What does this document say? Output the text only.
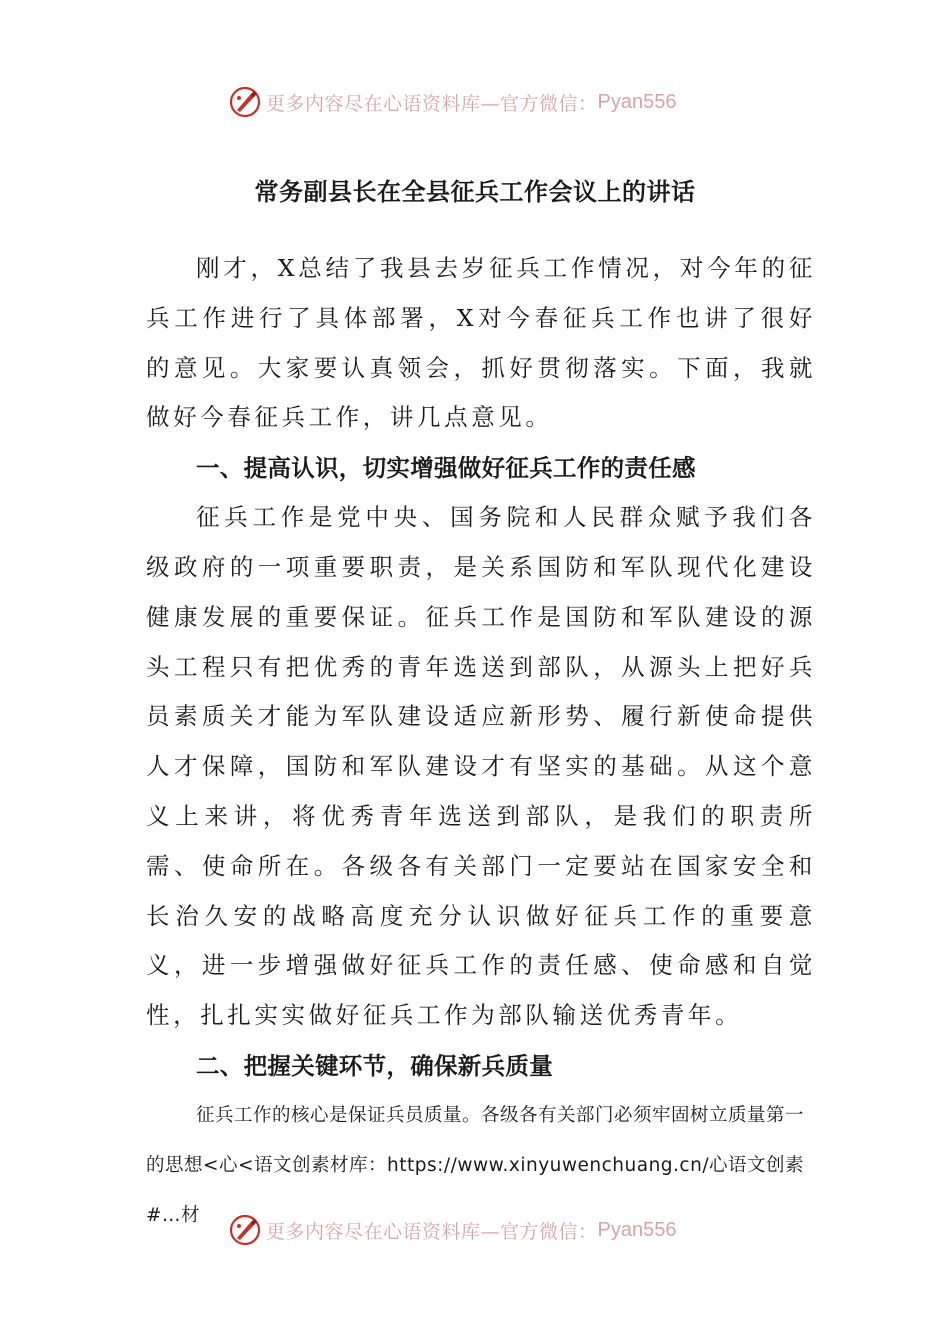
更多内容尽在心语资料库—官方微信： Pyan556
常务副县长在全县征兵工作会议上的讲话

刚才，X总结了我县去岁征兵工作情况，对今年的征兵工作进行了具体部署，X对今春征兵工作也讲了很好的意见。大家要认真领会，抓好贯彻落实。下面，我就做好今春征兵工作，讲几点意见。

一、提高认识，切实增强做好征兵工作的责任感

征兵工作是党中央、国务院和人民群众赋予我们各级政府的一项重要职责，是关系国防和军队现代化建设健康发展的重要保证。征兵工作是国防和军队建设的源头工程只有把优秀的青年选送到部队，从源头上把好兵员素质关才能为军队建设适应新形势、履行新使命提供人才保障，国防和军队建设才有坚实的基础。从这个意义上来讲，将优秀青年选送到部队，是我们的职责所需、使命所在。各级各有关部门一定要站在国家安全和长治久安的战略高度充分认识做好征兵工作的重要意义，进一步增强做好征兵工作的责任感、使命感和自觉性，扎扎实实做好征兵工作为部队输送优秀青年。

二、把握关键环节，确保新兵质量

征兵工作的核心是保证兵员质量。各级各有关部门必须牢固树立质量第一的思想<心<语文创素材库：https://www.xinyuwenchuang.cn/心语文创素#…材

更多内容尽在心语资料库—官方微信： Pyan556
